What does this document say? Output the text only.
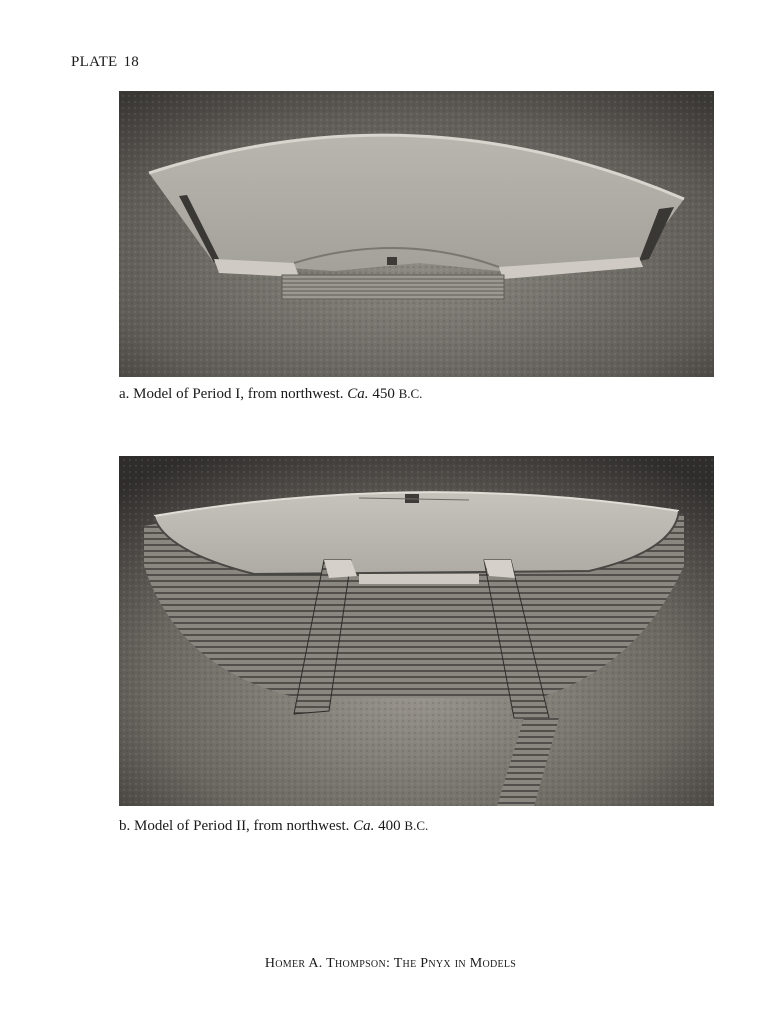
PLATE 18
a. Model of Period I, from northwest. Ca. 450 B.C.
b. Model of Period II, from northwest. Ca. 400 B.C.
Homer A. Thompson: The Pnyx in Models
